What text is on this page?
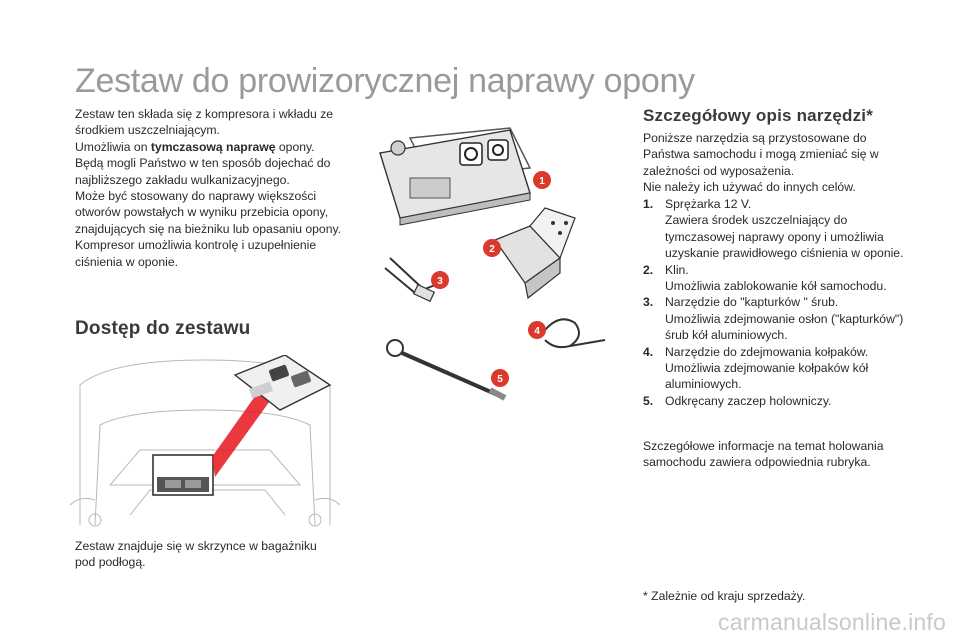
Zestaw do prowizorycznej naprawy opony

Zestaw ten składa się z kompresora i wkładu ze środkiem uszczelniającym.

Umożliwia on tymczasową naprawę opony.

Będą mogli Państwo w ten sposób dojechać do najbliższego zakładu wulkanizacyjnego.

Może być stosowany do naprawy większości otworów powstałych w wyniku przebicia opony, znajdujących się na bieżniku lub opasaniu opony.

Kompresor umożliwia kontrolę i uzupełnienie ciśnienia w oponie.

Dostęp do zestawu

Zestaw znajduje się w skrzynce w bagażniku pod podłogą.

1
2
3
4
5
Szczegółowy opis narzędzi*

Poniższe narzędzia są przystosowane do Państwa samochodu i mogą zmieniać się w zależności od wyposażenia.

Nie należy ich używać do innych celów.

1. Sprężarka 12 V.
Zawiera środek uszczelniający do tymczasowej naprawy opony i umożliwia uzyskanie prawidłowego ciśnienia w oponie.
2. Klin.
Umożliwia zablokowanie kół samochodu.
3. Narzędzie do "kapturków " śrub.
Umożliwia zdejmowanie osłon ("kapturków") śrub kół aluminiowych.
4. Narzędzie do zdejmowania kołpaków.
Umożliwia zdejmowanie kołpaków kół aluminiowych.
5. Odkręcany zaczep holowniczy.

Szczegółowe informacje na temat holowania samochodu zawiera odpowiednia rubryka.

* Zależnie od kraju sprzedaży.

carmanualsonline.info
